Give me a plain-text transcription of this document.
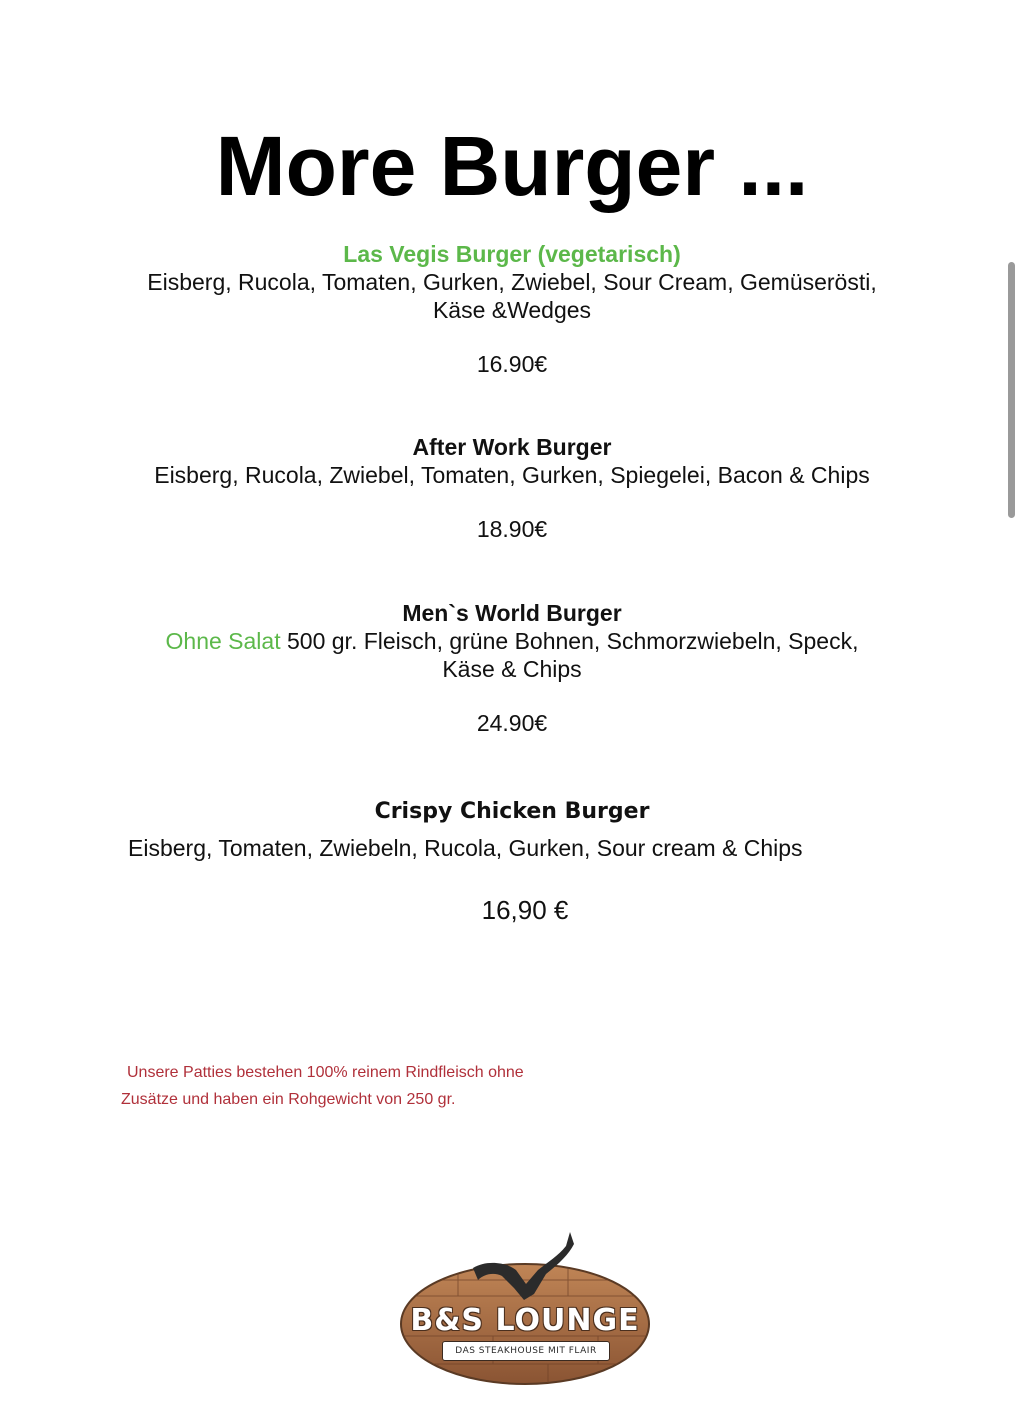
More Burger ...
Las Vegis Burger (vegetarisch)
Eisberg, Rucola, Tomaten, Gurken, Zwiebel, Sour Cream, Gemüserösti,
Käse &Wedges
16.90€
After Work Burger
Eisberg, Rucola, Zwiebel, Tomaten, Gurken, Spiegelei, Bacon & Chips
18.90€
Men`s World Burger
Ohne Salat 500 gr. Fleisch, grüne Bohnen, Schmorzwiebeln, Speck,
Käse & Chips
24.90€
Crispy Chicken Burger
Eisberg, Tomaten, Zwiebeln, Rucola, Gurken, Sour cream & Chips
16,90 €
Unsere Patties bestehen 100% reinem Rindfleisch ohne
Zusätze und haben ein Rohgewicht von 250 gr.
B&S LOUNGE
DAS STEAKHOUSE MIT FLAIR
